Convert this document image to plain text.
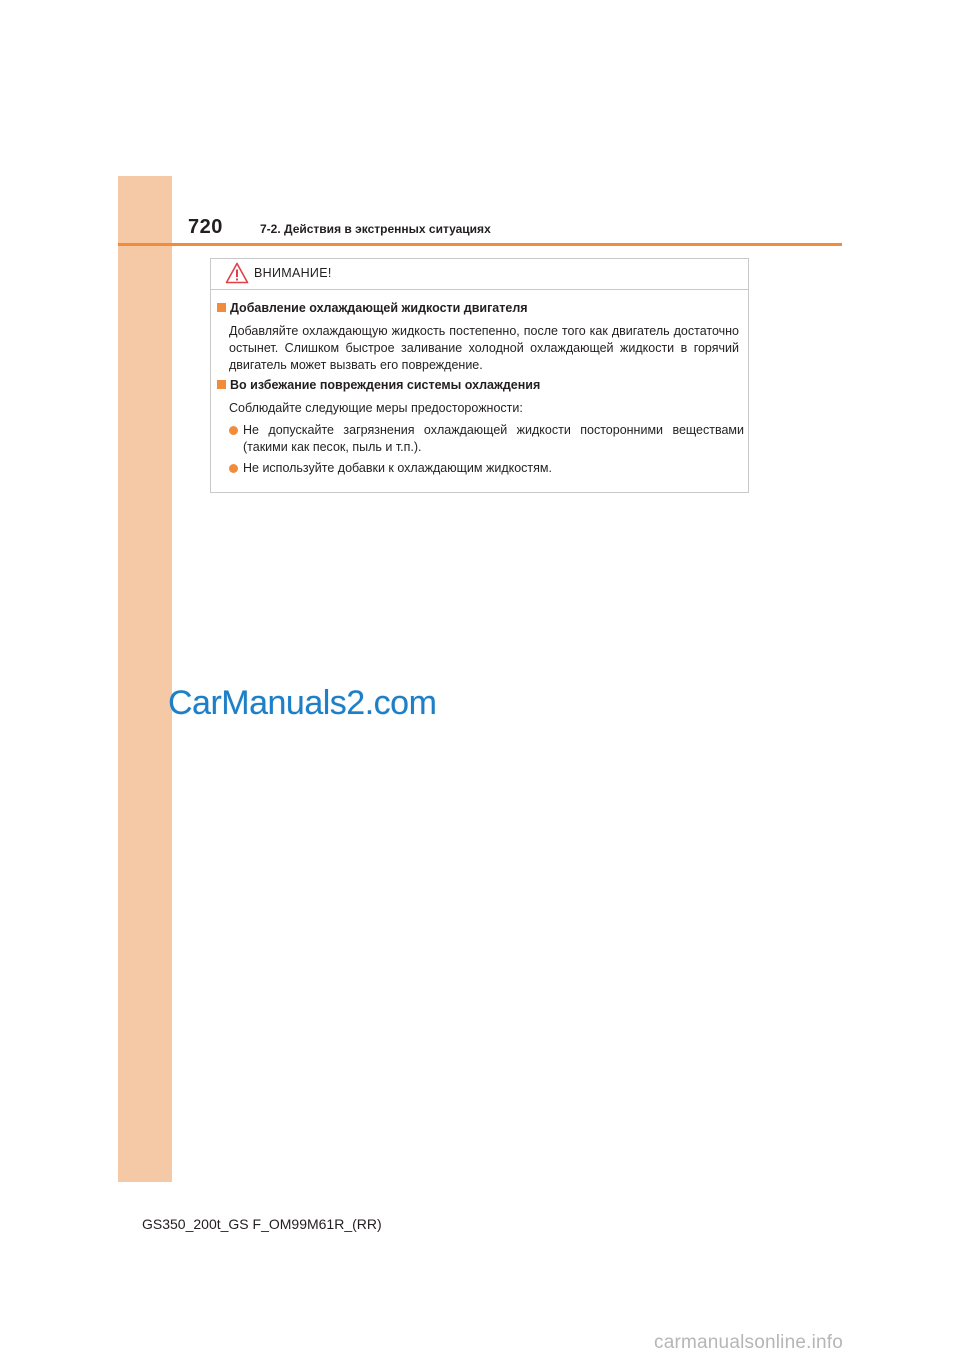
720	7-2. Действия в экстренных ситуациях
ВНИМАНИЕ!
Добавление охлаждающей жидкости двигателя
Добавляйте охлаждающую жидкость постепенно, после того как двигатель достаточно остынет. Слишком быстрое заливание холодной охлаждающей жидкости в горячий двигатель может вызвать его повреждение.
Во избежание повреждения системы охлаждения
Соблюдайте следующие меры предосторожности:
Не допускайте загрязнения охлаждающей жидкости посторонними веществами (такими как песок, пыль и т.п.).
Не используйте добавки к охлаждающим жидкостям.
CarManuals2.com
GS350_200t_GS F_OM99M61R_(RR)
carmanualsonline.info
